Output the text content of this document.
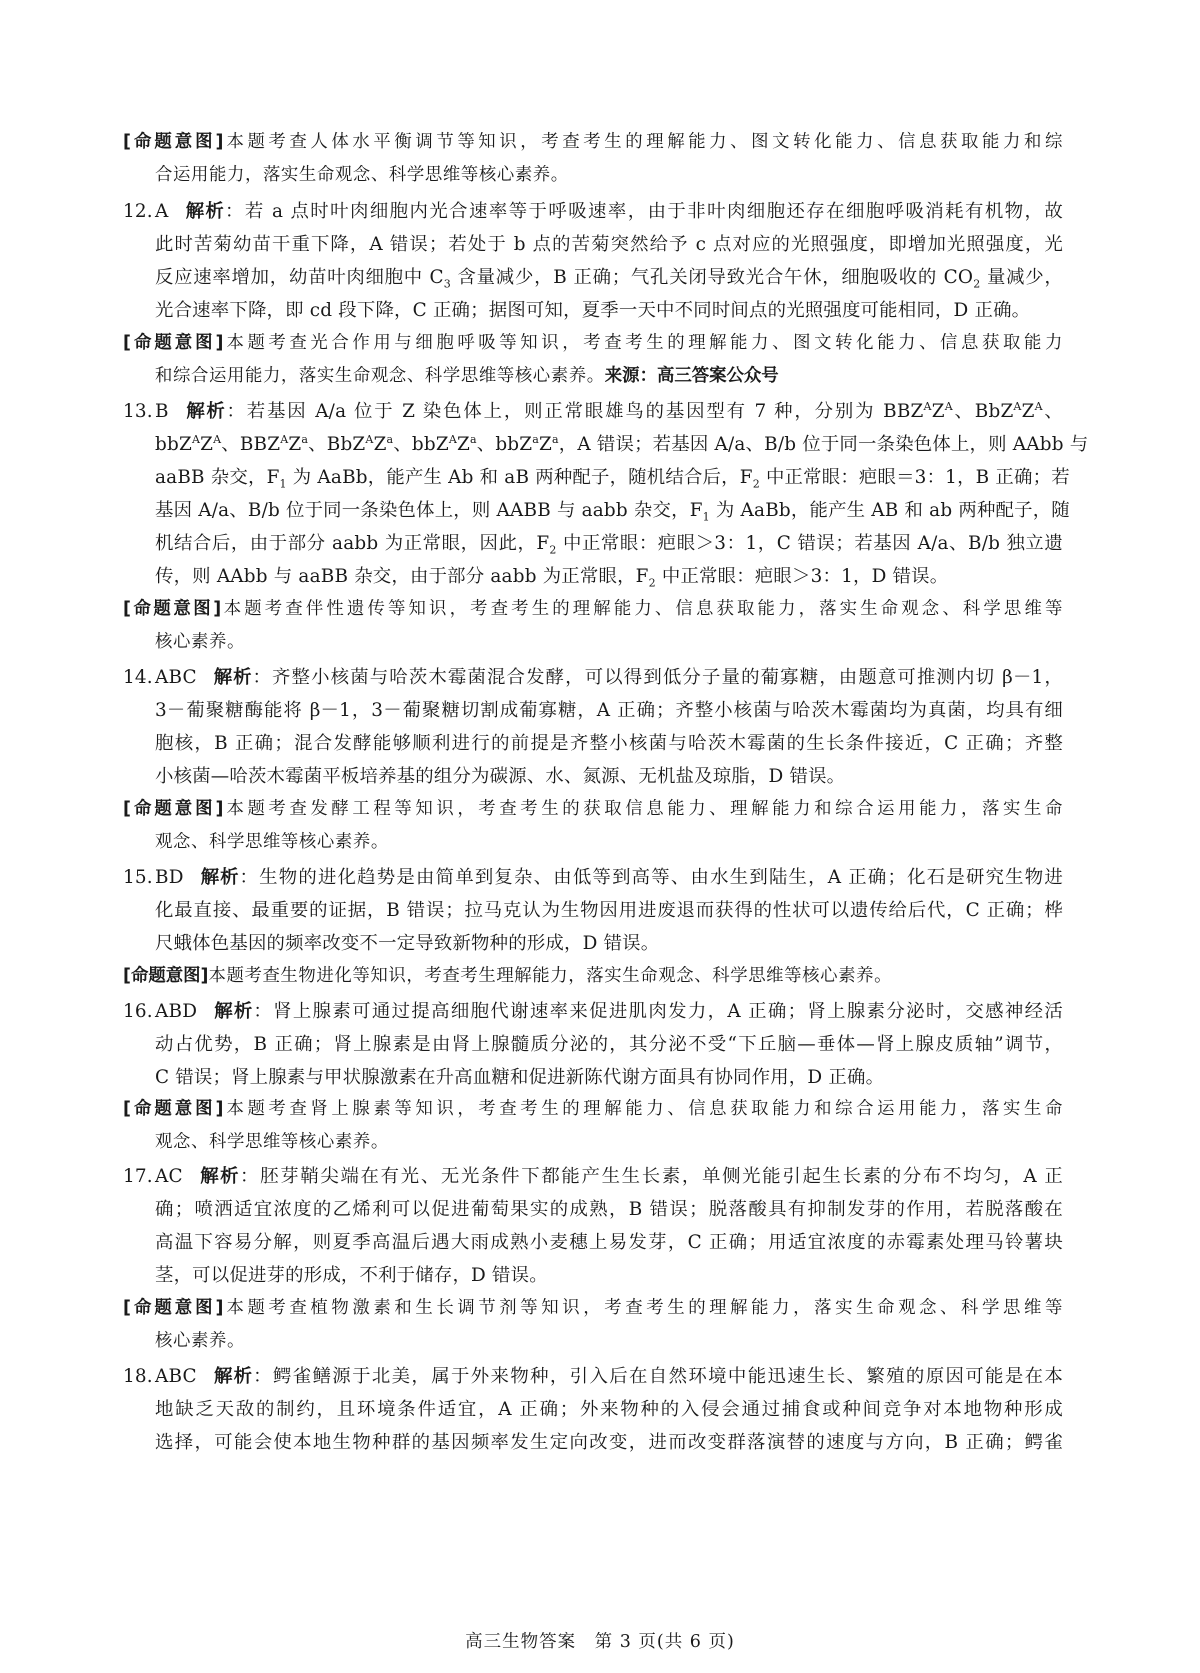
[命题意图]本题考查人体水平衡调节等知识，考查考生的理解能力、图文转化能力、信息获取能力和综
合运用能力，落实生命观念、科学思维等核心素养。
12. A 解析：若 a 点时叶肉细胞内光合速率等于呼吸速率，由于非叶肉细胞还存在细胞呼吸消耗有机物，故
此时苦菊幼苗干重下降，A 错误；若处于 b 点的苦菊突然给予 c 点对应的光照强度，即增加光照强度，光
反应速率增加，幼苗叶肉细胞中 $C_3$ 含量减少，B 正确；气孔关闭导致光合午休，细胞吸收的 $CO_2$ 量减少，
光合速率下降，即 cd 段下降，C 正确；据图可知，夏季一天中不同时间点的光照强度可能相同，D 正确。
[命题意图]本题考查光合作用与细胞呼吸等知识，考查考生的理解能力、图文转化能力、信息获取能力
和综合运用能力，落实生命观念、科学思维等核心素养。来源：高三答案公众号
13. B 解析：若基因 A/a 位于 Z 染色体上，则正常眼雄鸟的基因型有 7 种，分别为 $BBZ^AZ^A$、$BbZ^AZ^A$、
$bbZ^AZ^A$、$BBZ^AZ^a$、$BbZ^AZ^a$、$bbZ^AZ^a$、$bbZ^aZ^a$，A 错误；若基因 A/a、B/b 位于同一条染色体上，则 AAbb 与
aaBB 杂交，$F_1$ 为 AaBb，能产生 Ab 和 aB 两种配子，随机结合后，$F_2$ 中正常眼：疤眼＝3：1，B 正确；若
基因 A/a、B/b 位于同一条染色体上，则 AABB 与 aabb 杂交，$F_1$ 为 AaBb，能产生 AB 和 ab 两种配子，随
机结合后，由于部分 aabb 为正常眼，因此，$F_2$ 中正常眼：疤眼＞3：1，C 错误；若基因 A/a、B/b 独立遗
传，则 AAbb 与 aaBB 杂交，由于部分 aabb 为正常眼，$F_2$ 中正常眼：疤眼＞3：1，D 错误。
[命题意图]本题考查伴性遗传等知识，考查考生的理解能力、信息获取能力，落实生命观念、科学思维等
核心素养。
14. ABC 解析：齐整小核菌与哈茨木霉菌混合发酵，可以得到低分子量的葡寡糖，由题意可推测内切 β－1，
3－葡聚糖酶能将 β－1，3－葡聚糖切割成葡寡糖，A 正确；齐整小核菌与哈茨木霉菌均为真菌，均具有细
胞核，B 正确；混合发酵能够顺利进行的前提是齐整小核菌与哈茨木霉菌的生长条件接近，C 正确；齐整
小核菌—哈茨木霉菌平板培养基的组分为碳源、水、氮源、无机盐及琼脂，D 错误。
[命题意图]本题考查发酵工程等知识，考查考生的获取信息能力、理解能力和综合运用能力，落实生命
观念、科学思维等核心素养。
15. BD 解析：生物的进化趋势是由简单到复杂、由低等到高等、由水生到陆生，A 正确；化石是研究生物进
化最直接、最重要的证据，B 错误；拉马克认为生物因用进废退而获得的性状可以遗传给后代，C 正确；桦
尺蛾体色基因的频率改变不一定导致新物种的形成，D 错误。
[命题意图]本题考查生物进化等知识，考查考生理解能力，落实生命观念、科学思维等核心素养。
16. ABD 解析：肾上腺素可通过提高细胞代谢速率来促进肌肉发力，A 正确；肾上腺素分泌时，交感神经活
动占优势，B 正确；肾上腺素是由肾上腺髓质分泌的，其分泌不受“下丘脑—垂体—肾上腺皮质轴”调节，
C 错误；肾上腺素与甲状腺激素在升高血糖和促进新陈代谢方面具有协同作用，D 正确。
[命题意图]本题考查肾上腺素等知识，考查考生的理解能力、信息获取能力和综合运用能力，落实生命
观念、科学思维等核心素养。
17. AC 解析：胚芽鞘尖端在有光、无光条件下都能产生生长素，单侧光能引起生长素的分布不均匀，A 正
确；喷洒适宜浓度的乙烯利可以促进葡萄果实的成熟，B 错误；脱落酸具有抑制发芽的作用，若脱落酸在
高温下容易分解，则夏季高温后遇大雨成熟小麦穗上易发芽，C 正确；用适宜浓度的赤霉素处理马铃薯块
茎，可以促进芽的形成，不利于储存，D 错误。
[命题意图]本题考查植物激素和生长调节剂等知识，考查考生的理解能力，落实生命观念、科学思维等
核心素养。
18. ABC 解析：鳄雀鳝源于北美，属于外来物种，引入后在自然环境中能迅速生长、繁殖的原因可能是在本
地缺乏天敌的制约，且环境条件适宜，A 正确；外来物种的入侵会通过捕食或种间竞争对本地物种形成
选择，可能会使本地生物种群的基因频率发生定向改变，进而改变群落演替的速度与方向，B 正确；鳄雀
高三生物答案　第 3 页(共 6 页)
